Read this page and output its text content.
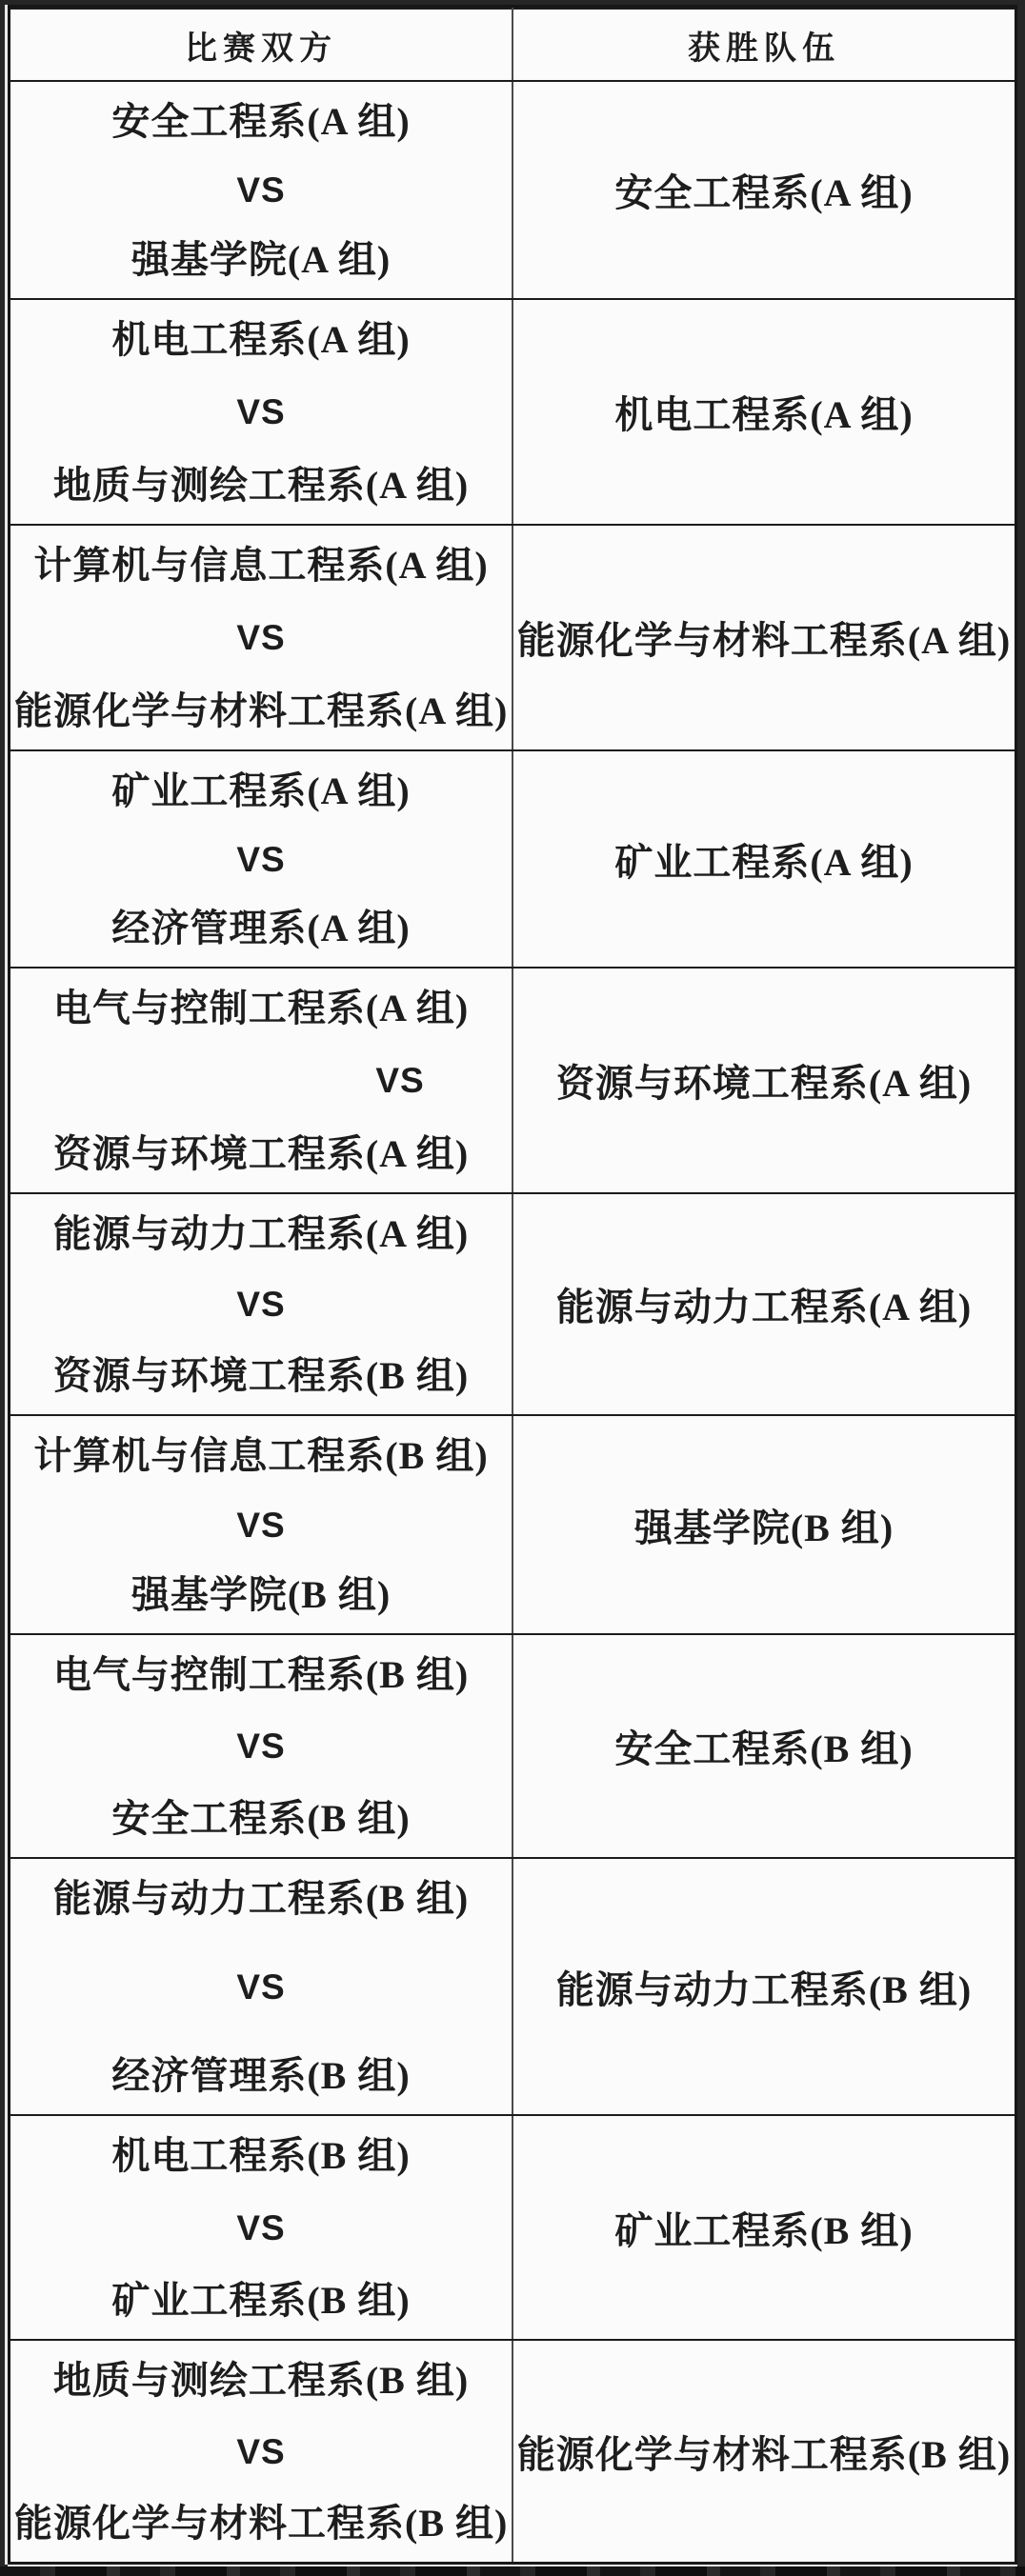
比赛双方	获胜队伍

安全工程系(A 组)
VS
强基学院(A 组)	安全工程系(A 组)

机电工程系(A 组)
VS
地质与测绘工程系(A 组)	机电工程系(A 组)

计算机与信息工程系(A 组)
VS
能源化学与材料工程系(A 组)	能源化学与材料工程系(A 组)

矿业工程系(A 组)
VS
经济管理系(A 组)	矿业工程系(A 组)

电气与控制工程系(A 组)
VS
资源与环境工程系(A 组)	资源与环境工程系(A 组)

能源与动力工程系(A 组)
VS
资源与环境工程系(B 组)	能源与动力工程系(A 组)

计算机与信息工程系(B 组)
VS
强基学院(B 组)	强基学院(B 组)

电气与控制工程系(B 组)
VS
安全工程系(B 组)	安全工程系(B 组)

能源与动力工程系(B 组)
VS
经济管理系(B 组)	能源与动力工程系(B 组)

机电工程系(B 组)
VS
矿业工程系(B 组)	矿业工程系(B 组)

地质与测绘工程系(B 组)
VS
能源化学与材料工程系(B 组)	能源化学与材料工程系(B 组)
